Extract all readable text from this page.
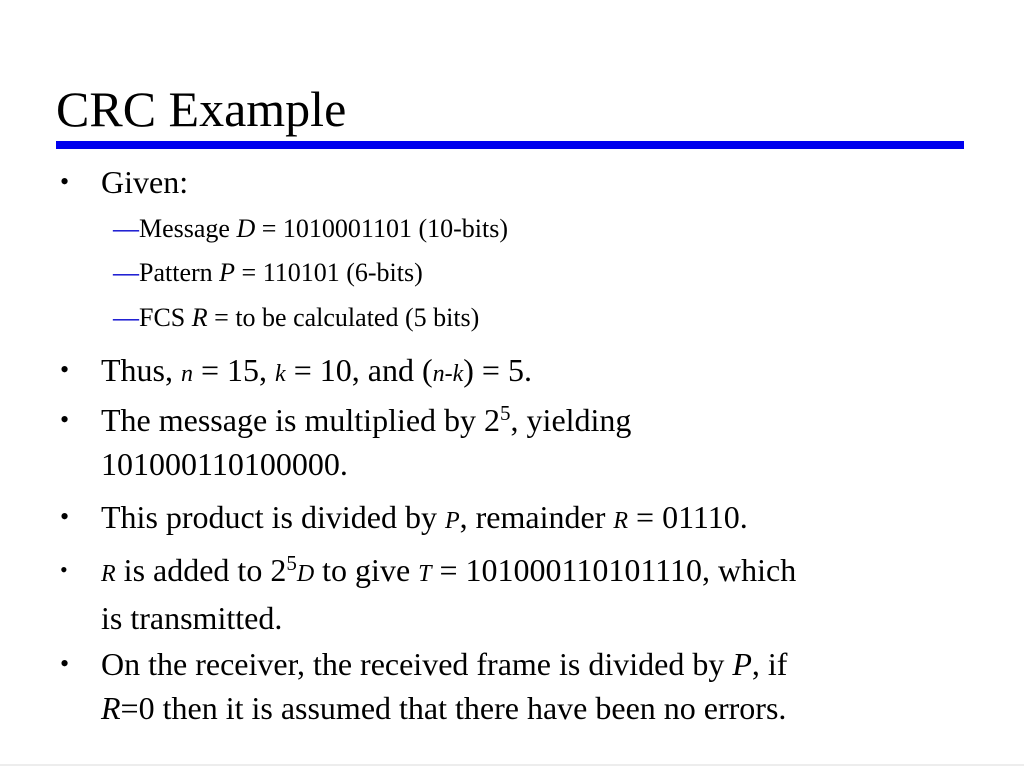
CRC Example
• Given:
—Message D = 1010001101 (10-bits)
—Pattern P = 110101 (6-bits)
—FCS R = to be calculated (5 bits)
• Thus, n = 15, k = 10, and (n-k) = 5.
• The message is multiplied by $2^5$, yielding
101000110100000.
• This product is divided by P, remainder R = 01110.
•	R is added to $2^5D$ to give T = 101000110101110, which
is transmitted.
• On the receiver, the received frame is divided by P, if
R=0 then it is assumed that there have been no errors.
